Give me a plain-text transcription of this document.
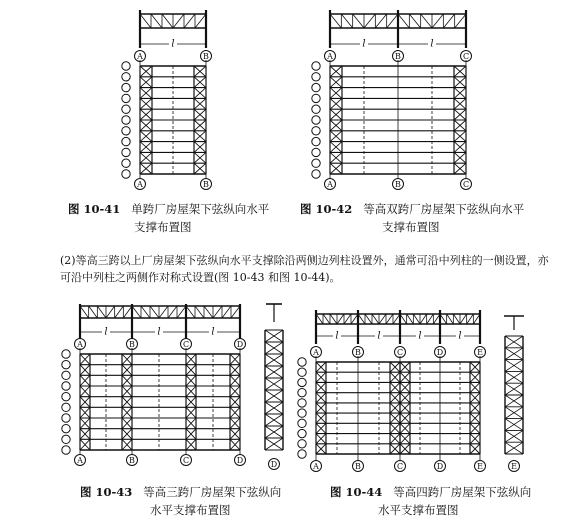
l
A	B
A	B
l	l
A	B	C
A	B	C
l	l	l
A	B	C	D
A	B	C	D	D
l	l	l	l
A	B	C	D	E
A	B	C	D	E	E
图 10-41 单跨厂房屋架下弦纵向水平
支撑布置图
图 10-42 等高双跨厂房屋架下弦纵向水平
支撑布置图
(2)等高三跨以上厂房屋架下弦纵向水平支撑除沿两侧边列柱设置外，通常可沿中列柱的一侧设置，亦
可沿中列柱之两侧作对称式设置(图 10-43 和图 10-44)。
图 10-43 等高三跨厂房屋架下弦纵向
水平支撑布置图
图 10-44 等高四跨厂房屋架下弦纵向
水平支撑布置图
